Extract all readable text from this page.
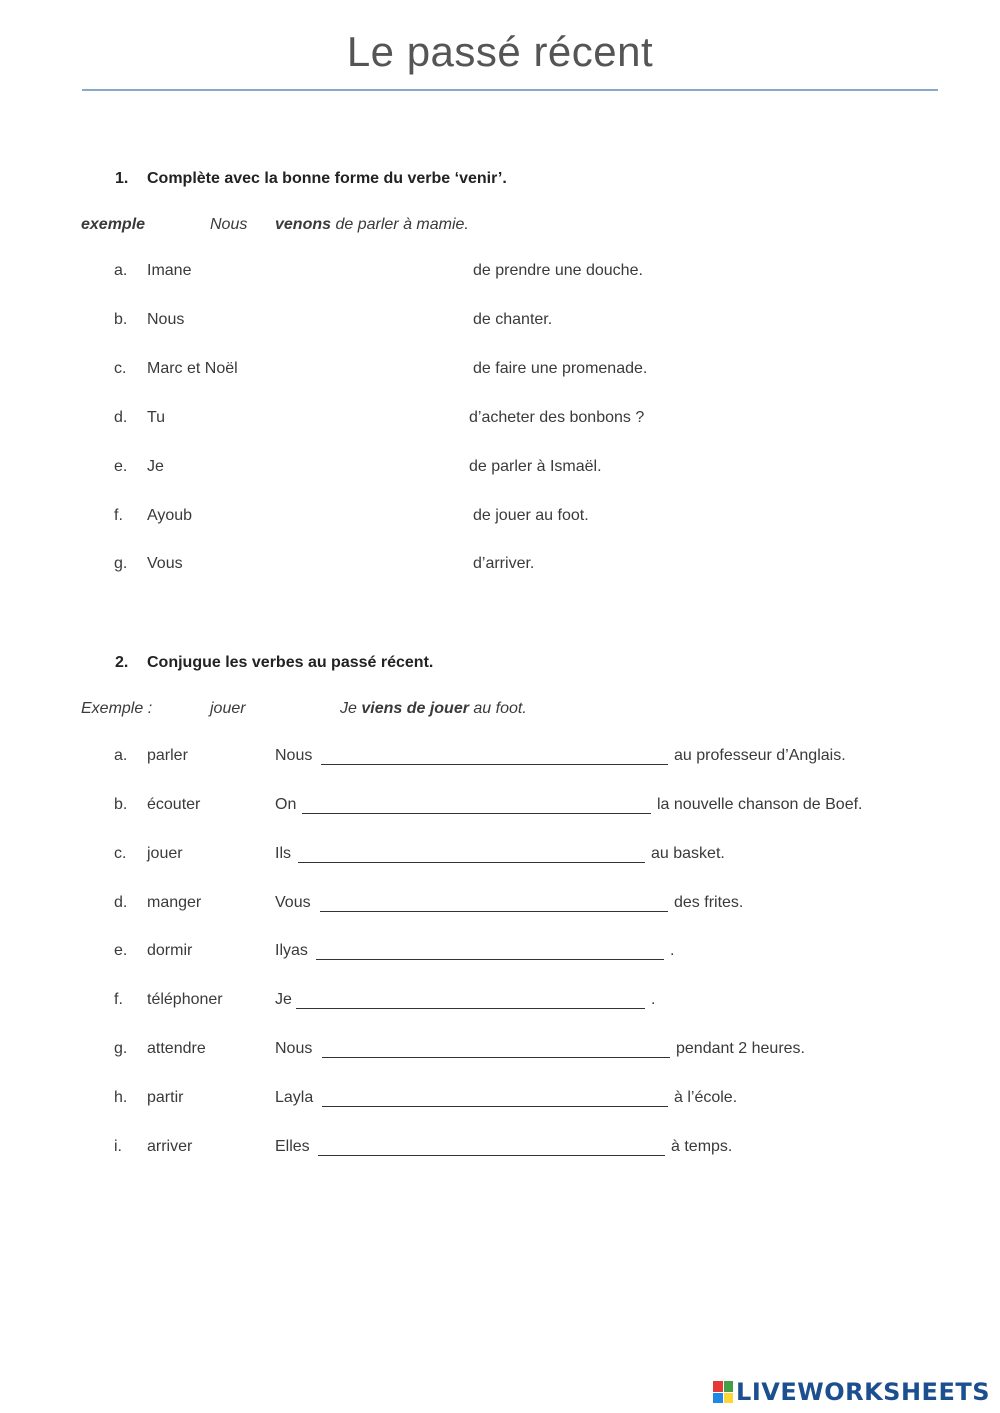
Le passé récent
1. Complète avec la bonne forme du verbe ‘venir’.
exemple	Nous venons de parler à mamie.
a. Imane	de prendre une douche.
b. Nous	de chanter.
c. Marc et Noël	de faire une promenade.
d. Tu	d’acheter des bonbons ?
e. Je	de parler à Ismaël.
f. Ayoub	de jouer au foot.
g. Vous	d’arriver.
2. Conjugue les verbes au passé récent.
Exemple :	jouer	Je viens de jouer au foot.
a. parler	Nous	au professeur d’Anglais.
b. écouter	On	la nouvelle chanson de Boef.
c. jouer	Ils	au basket.
d. manger	Vous	des frites.
e. dormir	Ilyas	.
f. téléphoner	Je	.
g. attendre	Nous	pendant 2 heures.
h. partir	Layla	à l’école.
i. arriver	Elles	à temps.
LIVEWORKSHEETS
